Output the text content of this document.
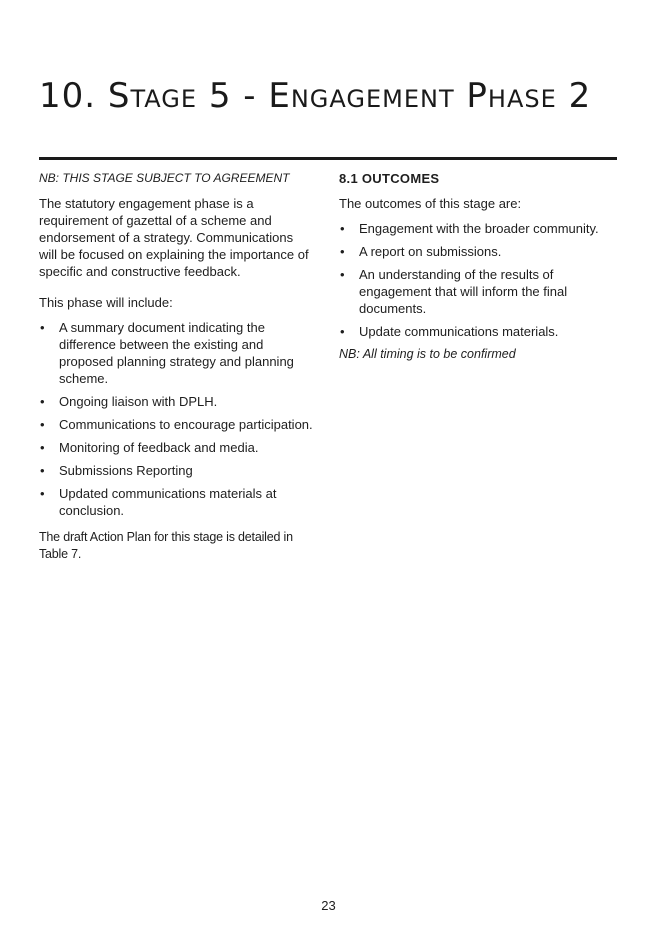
10. Stage 5 - Engagement Phase 2

NB: THIS STAGE SUBJECT TO AGREEMENT

The statutory engagement phase is a requirement of gazettal of a scheme and endorsement of a strategy. Communications will be focused on explaining the importance of specific and constructive feedback.

This phase will include:

• A summary document indicating the difference between the existing and proposed planning strategy and planning scheme.
• Ongoing liaison with DPLH.
• Communications to encourage participation.
• Monitoring of feedback and media.
• Submissions Reporting
• Updated communications materials at conclusion.

The draft Action Plan for this stage is detailed in Table 7.

8.1 OUTCOMES

The outcomes of this stage are:

• Engagement with the broader community.
• A report on submissions.
• An understanding of the results of engagement that will inform the final documents.
• Update communications materials.

NB: All timing is to be confirmed

23
